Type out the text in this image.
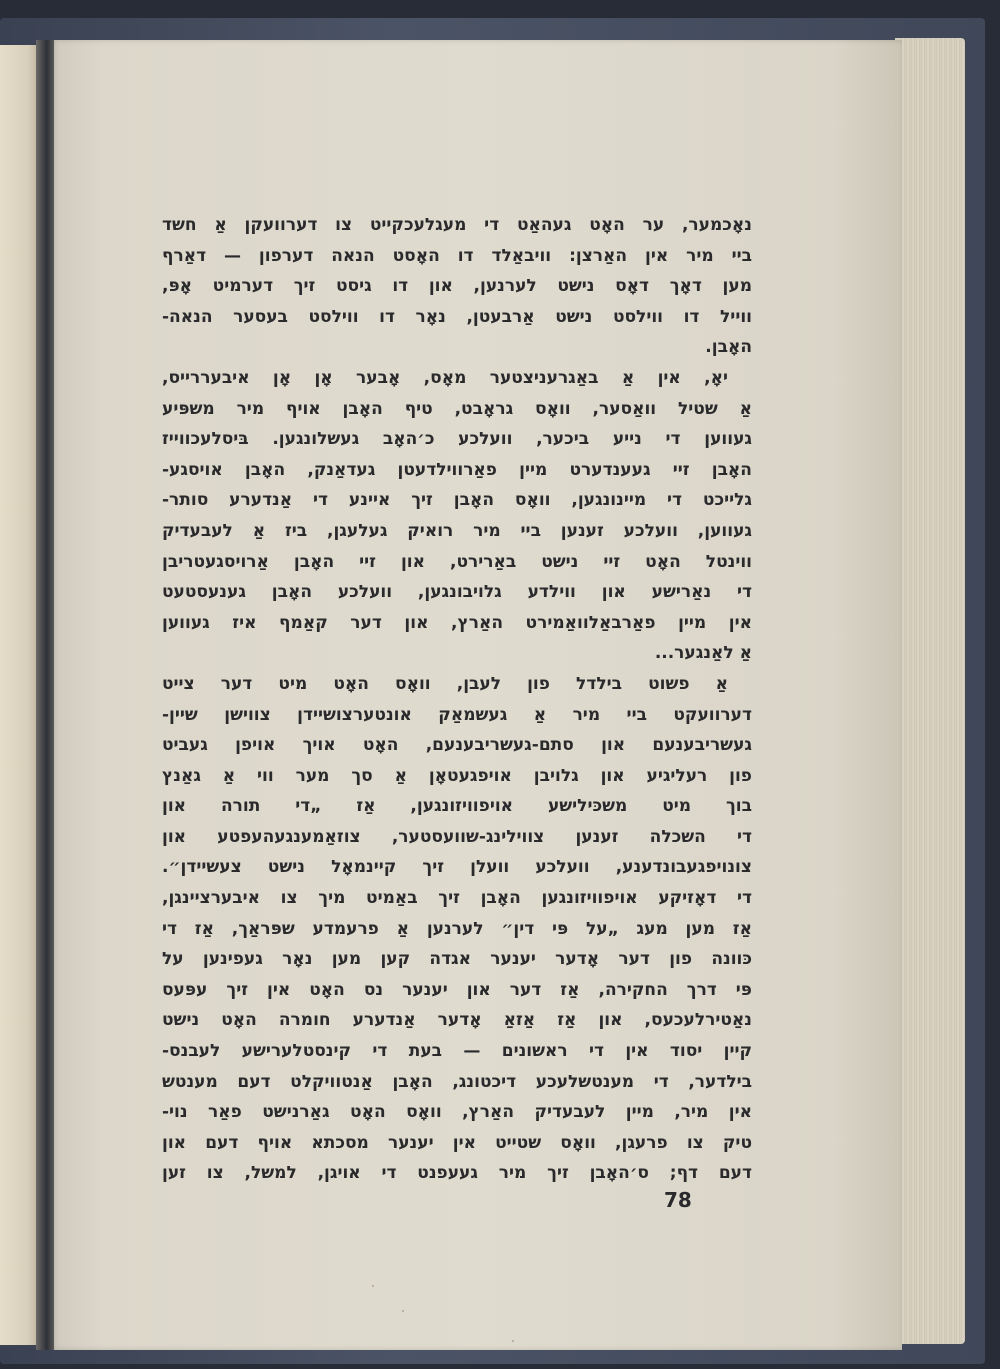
נאָכמער, ער האָט געהאַט די מעגלעכקייט צו דערוועקן אַ חשד
ביי מיר אין האַרצן: וויבאַלד דו האָסט הנאה דערפון — דאַרף
מען דאָך דאָס נישט לערנען, און דו גיסט זיך דערמיט אָפּ,
ווייל דו ווילסט נישט אַרבעטן, נאָר דו ווילסט בעסער הנאה-
האָבן.
יאָ, אין אַ באַגרעניצטער מאָס, אָבער אָן אָן איבעררייס,
אַ שטיל וואַסער, וואָס גראָבט, טיף האָבן אויף מיר משפּיע
געווען די נייע ביכער, וועלכע כ׳האָב געשלונגען. בּיסלעכווייז
האָבן זיי געענדערט מיין פאַרווילדעטן געדאַנק, האָבן אויסגע-
גלייכט די מיינונגען, וואָס האָבן זיך איינע די אַנדערע סותר-
געווען, וועלכע זענען ביי מיר רואיק געלעגן, ביז אַ לעבעדיק
ווינטל האָט זיי נישט באַרירט, און זיי האָבן אַרויסגעטריבן
די נאַרישע און ווילדע גלויבונגען, וועלכע האָבן גענעסטעט
אין מיין פאַרבאַלוואַמירט האַרץ, און דער קאַמף איז געווען
אַ לאַנגער...
אַ פשוט בילדל פון לעבן, וואָס האָט מיט דער צייט
דערוועקט ביי מיר אַ געשמאַק אונטערצושיידן צווישן שיין-
געשריבענעם און סתם-געשריבענעם, האָט אויך אויפן געביט
פון רעליגיע און גלויבן אויפגעטאָן אַ סך מער ווי אַ גאַנץ
בוך מיט משכּילישע אויפוויזונגען, אַז „די תורה און
די השכלה זענען צווילינג-שוועסטער, צוזאַמענגעהעפטע און
צונויפגעבונדענע, וועלכע וועלן זיך קיינמאָל נישט צעשיידן״.
די דאָזיקע אויפוויזונגען האָבן זיך באַמיט מיך צו איבערציינגן,
אַז מען מעג „על פּי דין״ לערנען אַ פרעמדע שפּראַך, אַז די
כּוונה פון דער אָדער יענער אגדה קען מען נאָר געפינען על
פּי דרך החקירה, אַז דער און יענער נס האָט אין זיך עפּעס
נאַטירלעכעס, און אַז אַזאַ אָדער אַנדערע חומרה האָט נישט
קיין יסוד אין די ראשונים — בעת די קינסטלערישע לעבנס-
בילדער, די מענטשלעכע דיכטונג, האָבן אַנטוויקלט דעם מענטש
אין מיר, מיין לעבעדיק האַרץ, וואָס האָט גאַרנישט פאַר נוי-
טיק צו פרעגן, וואָס שטייט אין יענער מסכתא אויף דעם און
דעם דף; ס׳האָבן זיך מיר געעפנט די אויגן, למשל, צו זען
78
